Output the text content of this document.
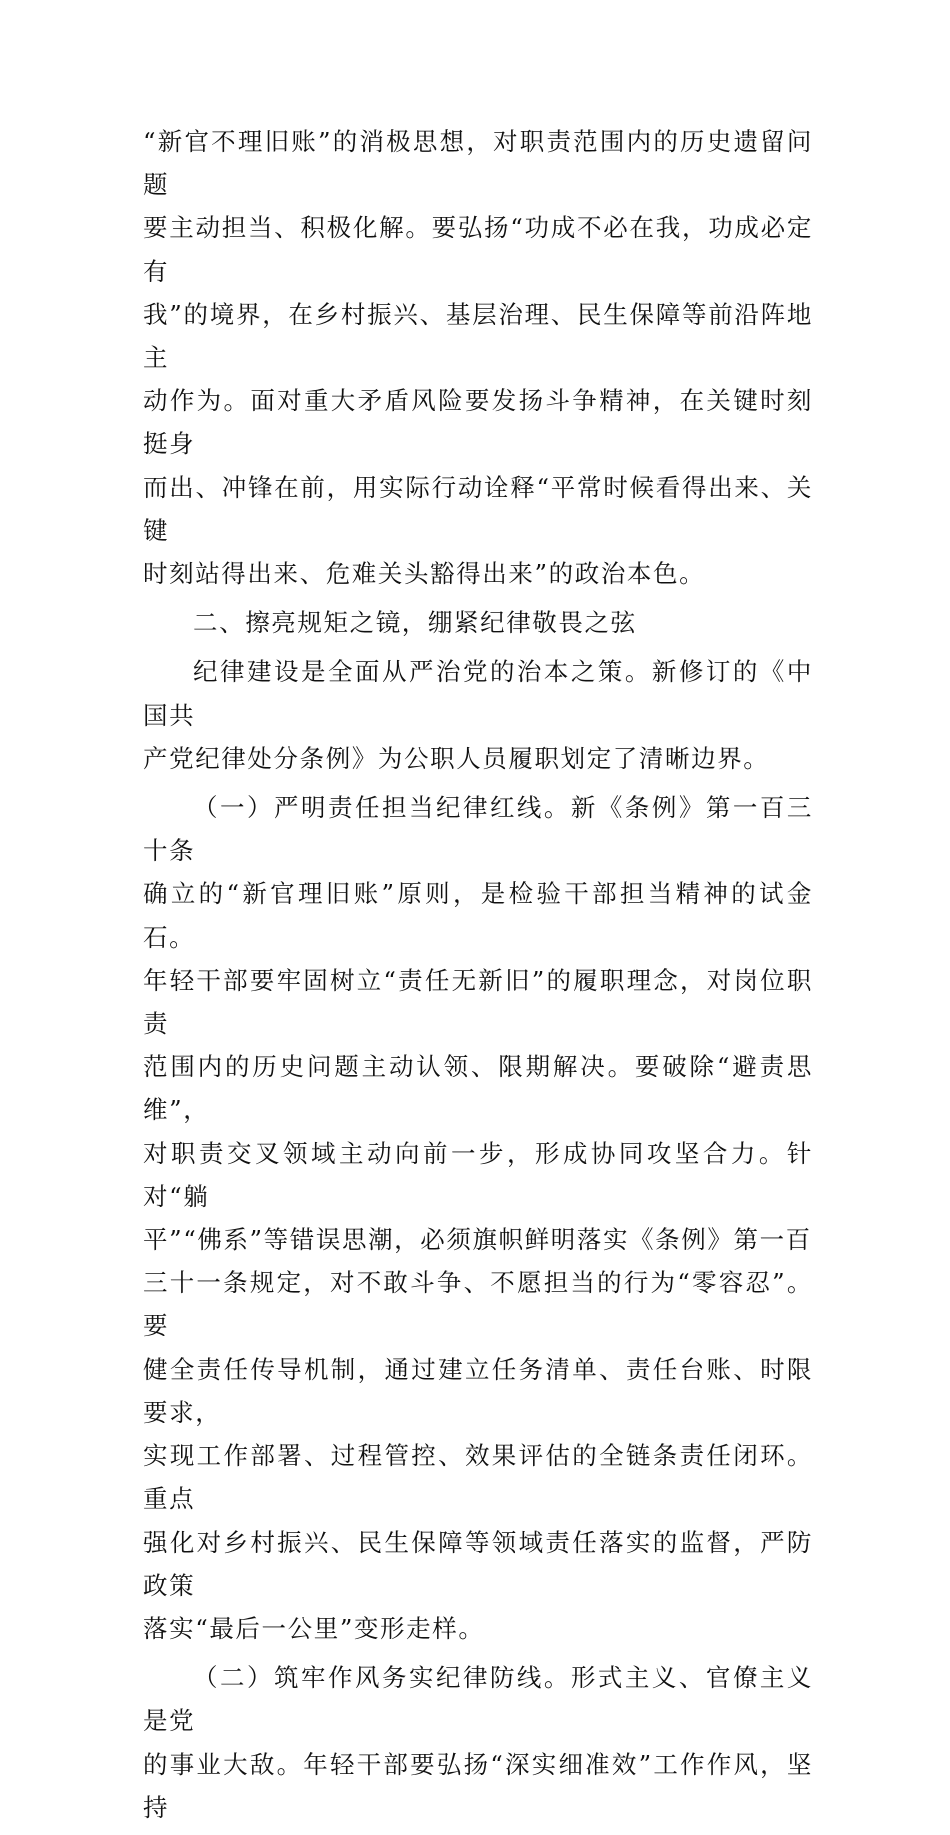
“新官不理旧账”的消极思想，对职责范围内的历史遗留问题
要主动担当、积极化解。要弘扬“功成不必在我，功成必定有
我”的境界，在乡村振兴、基层治理、民生保障等前沿阵地主
动作为。面对重大矛盾风险要发扬斗争精神，在关键时刻挺身
而出、冲锋在前，用实际行动诠释“平常时候看得出来、关键
时刻站得出来、危难关头豁得出来”的政治本色。
二、擦亮规矩之镜，绷紧纪律敬畏之弦
纪律建设是全面从严治党的治本之策。新修订的《中国共
产党纪律处分条例》为公职人员履职划定了清晰边界。
（一）严明责任担当纪律红线。新《条例》第一百三十条
确立的“新官理旧账”原则，是检验干部担当精神的试金石。
年轻干部要牢固树立“责任无新旧”的履职理念，对岗位职责
范围内的历史问题主动认领、限期解决。要破除“避责思维”，
对职责交叉领域主动向前一步，形成协同攻坚合力。针对“躺
平”“佛系”等错误思潮，必须旗帜鲜明落实《条例》第一百
三十一条规定，对不敢斗争、不愿担当的行为“零容忍”。要
健全责任传导机制，通过建立任务清单、责任台账、时限要求，
实现工作部署、过程管控、效果评估的全链条责任闭环。重点
强化对乡村振兴、民生保障等领域责任落实的监督，严防政策
落实“最后一公里”变形走样。
（二）筑牢作风务实纪律防线。形式主义、官僚主义是党
的事业大敌。年轻干部要弘扬“深实细准效”工作作风，坚持
